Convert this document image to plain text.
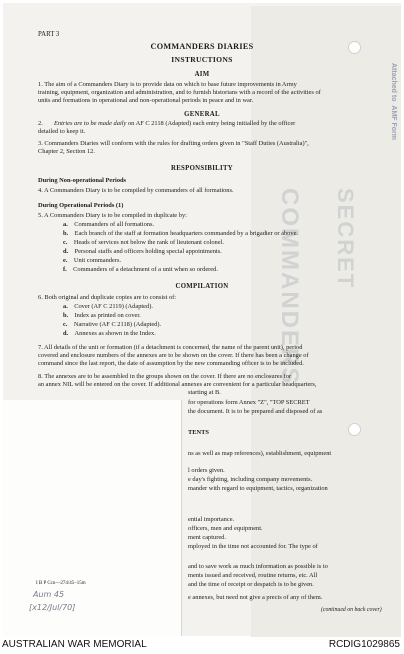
Attached to  AMF Form
COMMANDERS SECRET
PART 3
COMMANDERS DIARIES
INSTRUCTIONS
AIM
1. The aim of a Commanders Diary is to provide data on which to base future improvements in Army
training, equipment, organization and administration, and to furnish historians with a record of the activities of
units and formations in operational and non-operational periods in peace and in war.
GENERAL
2. Entries are to be made daily on AF C 2118 (Adapted) each entry being initialled by the officer
detailed to keep it.
3. Commanders Diaries will conform with the rules for drafting orders given in "Staff Duties (Australia)",
Chapter 2, Section 12.
RESPONSIBILITY
During Non-operational Periods
4. A Commanders Diary is to be compiled by commanders of all formations.
During Operational Periods (1)
5. A Commanders Diary is to be compiled in duplicate by:
a. Commanders of all formations.
b. Each branch of the staff at formation headquarters commanded by a brigadier or above.
c. Heads of services not below the rank of lieutenant colonel.
d. Personal staffs and officers holding special appointments.
e. Unit commanders.
f. Commanders of a detachment of a unit when so ordered.
COMPILATION
6. Both original and duplicate copies are to consist of:
a. Cover (AF C 2119) (Adapted).
b. Index as printed on cover.
c. Narrative (AF C 2118) (Adapted).
d. Annexes as shown in the Index.
7. All details of the unit or formation (if a detachment is concerned, the name of the parent unit), period
covered and enclosure numbers of the annexes are to be shown on the cover. If there has been a change of
command since the last report, the date of assumption by the new commanding officer is to be included.
8. The annexes are to be assembled in the groups shown on the cover. If there are no enclosures for
an annex NIL will be entered on the cover. If additional annexes are convenient for a particular headquarters,
starting at B.
for operations form Annex "Z", "TOP SECRET
the document. It is to be prepared and disposed of as
TENTS
ns as well as map references), establishment, equipment
l orders given.
e day's fighting, including company movements.
mander with regard to equipment, tactics, organization
ential importance.
officers, men and equipment.
ment captured.
mployed in the time not accounted for. The type of
and to save work as much information as possible is to
ments issued and received, routine returns, etc. All
and the time of receipt or despatch is to be given.
e annexes, but need not give a precis of any of them.
(continued on back cover)
I B P Ccn—274/45–15m
Aum 45
[x12/Jul/70]
AUSTRALIAN WAR MEMORIAL	RCDIG1029865
